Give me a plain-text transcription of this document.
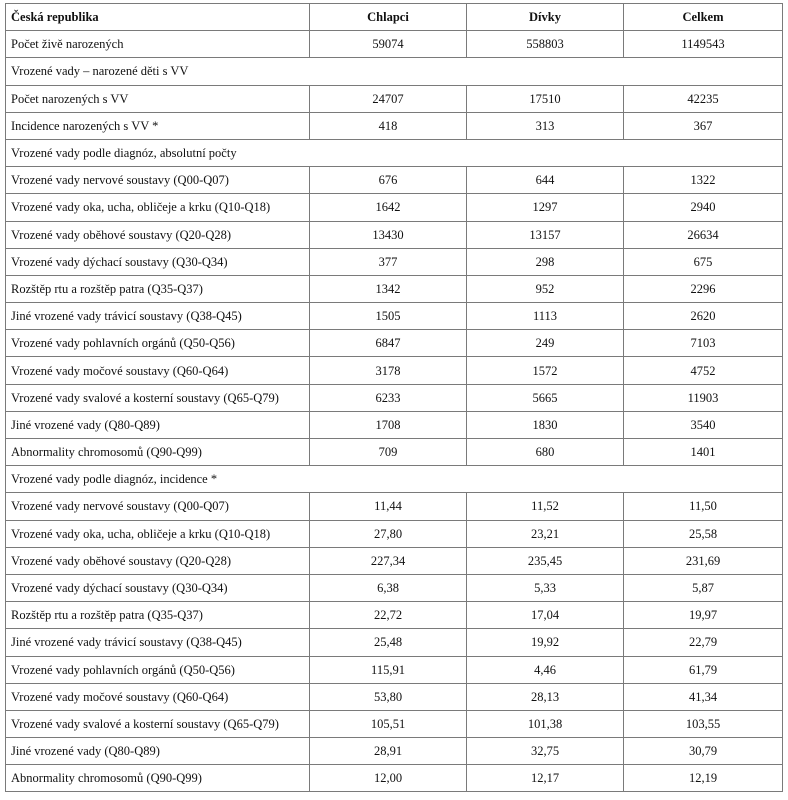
Česká republika	Chlapci	Dívky	Celkem
Počet živě narozených	59074	558803	1149543
Vrozené vady – narozené děti s VV			
Počet narozených s VV	24707	17510	42235
Incidence narozených s VV *	418	313	367
Vrozené vady podle diagnóz, absolutní počty			
Vrozené vady nervové soustavy (Q00-Q07)	676	644	1322
Vrozené vady oka, ucha, obličeje a krku (Q10-Q18)	1642	1297	2940
Vrozené vady oběhové soustavy (Q20-Q28)	13430	13157	26634
Vrozené vady dýchací soustavy (Q30-Q34)	377	298	675
Rozštěp rtu a rozštěp patra (Q35-Q37)	1342	952	2296
Jiné vrozené vady trávicí soustavy (Q38-Q45)	1505	1113	2620
Vrozené vady pohlavních orgánů (Q50-Q56)	6847	249	7103
Vrozené vady močové soustavy (Q60-Q64)	3178	1572	4752
Vrozené vady svalové a kosterní soustavy (Q65-Q79)	6233	5665	11903
Jiné vrozené vady (Q80-Q89)	1708	1830	3540
Abnormality chromosomů (Q90-Q99)	709	680	1401
Vrozené vady podle diagnóz, incidence *			
Vrozené vady nervové soustavy (Q00-Q07)	11,44	11,52	11,50
Vrozené vady oka, ucha, obličeje a krku (Q10-Q18)	27,80	23,21	25,58
Vrozené vady oběhové soustavy (Q20-Q28)	227,34	235,45	231,69
Vrozené vady dýchací soustavy (Q30-Q34)	6,38	5,33	5,87
Rozštěp rtu a rozštěp patra (Q35-Q37)	22,72	17,04	19,97
Jiné vrozené vady trávicí soustavy (Q38-Q45)	25,48	19,92	22,79
Vrozené vady pohlavních orgánů (Q50-Q56)	115,91	4,46	61,79
Vrozené vady močové soustavy (Q60-Q64)	53,80	28,13	41,34
Vrozené vady svalové a kosterní soustavy (Q65-Q79)	105,51	101,38	103,55
Jiné vrozené vady (Q80-Q89)	28,91	32,75	30,79
Abnormality chromosomů (Q90-Q99)	12,00	12,17	12,19
